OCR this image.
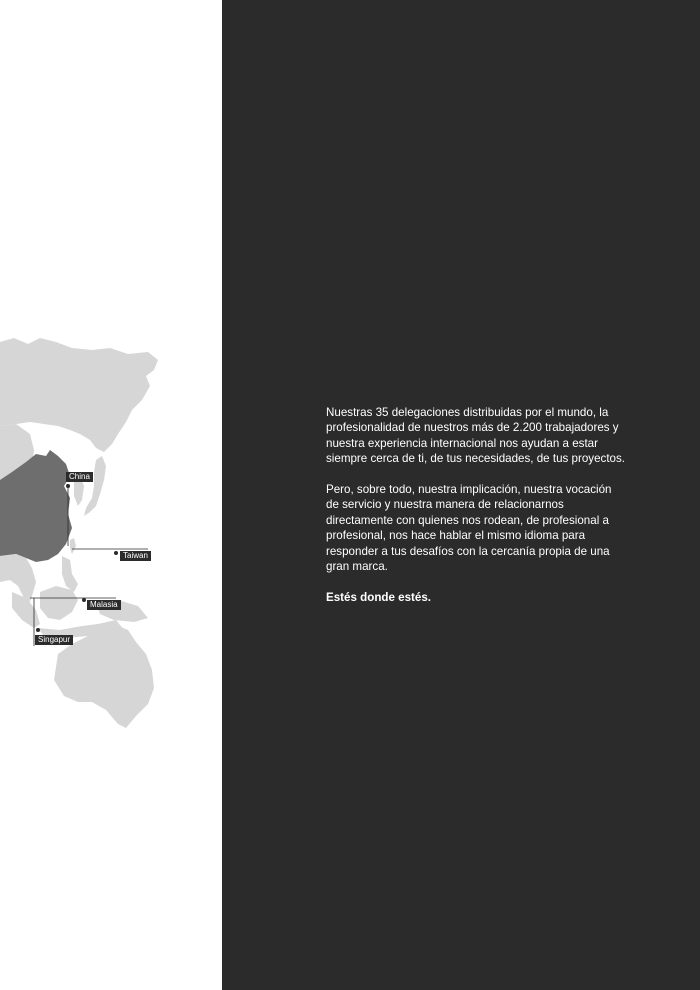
China
Taiwan
Malasia
Singapur

Nuestras 35 delegaciones distribuidas por el mundo, la profesionalidad de nuestros más de 2.200 trabajadores y nuestra experiencia internacional nos ayudan a estar siempre cerca de ti, de tus necesidades, de tus proyectos.

Pero, sobre todo, nuestra implicación, nuestra vocación de servicio y nuestra manera de relacionarnos directamente con quienes nos rodean, de profesional a profesional, nos hace hablar el mismo idioma para responder a tus desafíos con la cercanía propia de una gran marca.

Estés donde estés.
